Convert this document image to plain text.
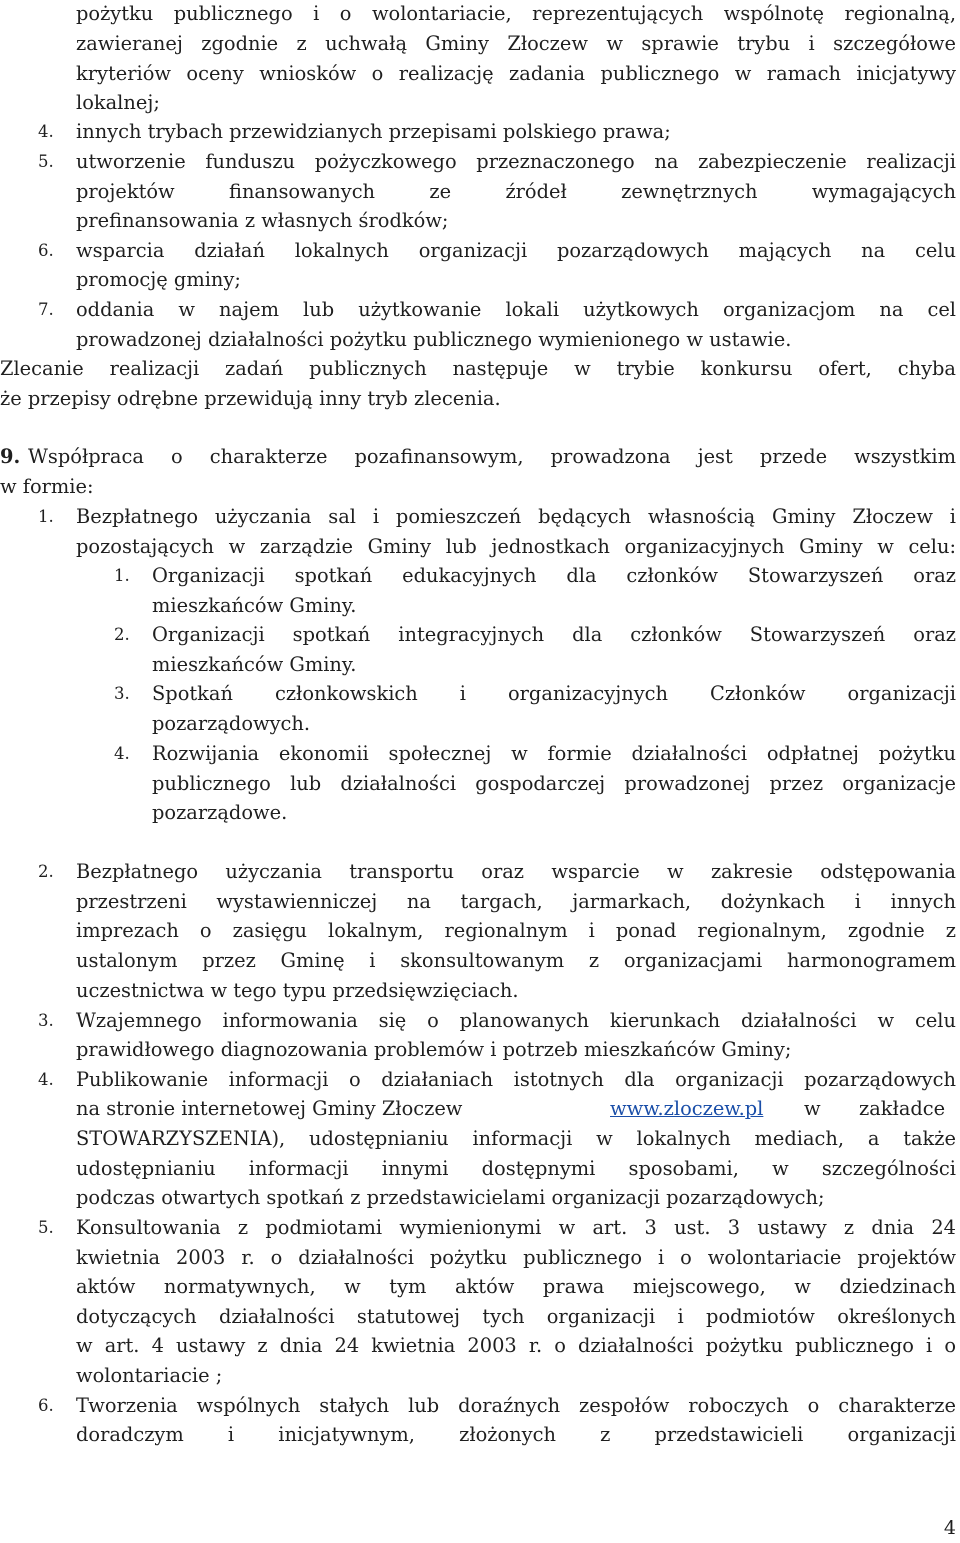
pożytku publicznego i o wolontariacie, reprezentujących wspólnotę regionalną,
zawieranej zgodnie z uchwałą Gminy Złoczew w sprawie trybu i szczegółowe
kryteriów oceny wniosków o realizację zadania publicznego w ramach inicjatywy
lokalnej;
4. innych trybach przewidzianych przepisami polskiego prawa;
5. utworzenie funduszu pożyczkowego przeznaczonego na zabezpieczenie realizacji
projektów finansowanych ze źródeł zewnętrznych wymagających
prefinansowania z własnych środków;
6. wsparcia działań lokalnych organizacji pozarządowych mających na celu
promocję gminy;
7. oddania w najem lub użytkowanie lokali użytkowych organizacjom na cel
prowadzonej działalności pożytku publicznego wymienionego w ustawie.
Zlecanie realizacji zadań publicznych następuje w trybie konkursu ofert, chyba
że przepisy odrębne przewidują inny tryb zlecenia.
9. Współpraca o charakterze pozafinansowym, prowadzona jest przede wszystkim
w formie:
1. Bezpłatnego użyczania sal i pomieszczeń będących własnością Gminy Złoczew i
pozostających w zarządzie Gminy lub jednostkach organizacyjnych Gminy w celu:
1. Organizacji spotkań edukacyjnych dla członków Stowarzyszeń oraz
mieszkańców Gminy.
2. Organizacji spotkań integracyjnych dla członków Stowarzyszeń oraz
mieszkańców Gminy.
3. Spotkań członkowskich i organizacyjnych Członków organizacji
pozarządowych.
4. Rozwijania ekonomii społecznej w formie działalności odpłatnej pożytku
publicznego lub działalności gospodarczej prowadzonej przez organizacje
pozarządowe.
2. Bezpłatnego użyczania transportu oraz wsparcie w zakresie odstępowania
przestrzeni wystawienniczej na targach, jarmarkach, dożynkach i innych
imprezach o zasięgu lokalnym, regionalnym i ponad regionalnym, zgodnie z
ustalonym przez Gminę i skonsultowanym z organizacjami harmonogramem
uczestnictwa w tego typu przedsięwzięciach.
3. Wzajemnego informowania się o planowanych kierunkach działalności w celu
prawidłowego diagnozowania problemów i potrzeb mieszkańców Gminy;
4. Publikowanie informacji o działaniach istotnych dla organizacji pozarządowych
na stronie internetowej Gminy Złoczew	www.zloczew.pl w zakładce
STOWARZYSZENIA), udostępnianiu informacji w lokalnych mediach, a także
udostępnianiu informacji innymi dostępnymi sposobami, w szczególności
podczas otwartych spotkań z przedstawicielami organizacji pozarządowych;
5. Konsultowania z podmiotami wymienionymi w art. 3 ust. 3 ustawy z dnia 24
kwietnia 2003 r. o działalności pożytku publicznego i o wolontariacie projektów
aktów normatywnych, w tym aktów prawa miejscowego, w dziedzinach
dotyczących działalności statutowej tych organizacji i podmiotów określonych
w art. 4 ustawy z dnia 24 kwietnia 2003 r. o działalności pożytku publicznego i o
wolontariacie ;
6. Tworzenia wspólnych stałych lub doraźnych zespołów roboczych o charakterze
doradczym i inicjatywnym, złożonych z przedstawicieli organizacji
4
